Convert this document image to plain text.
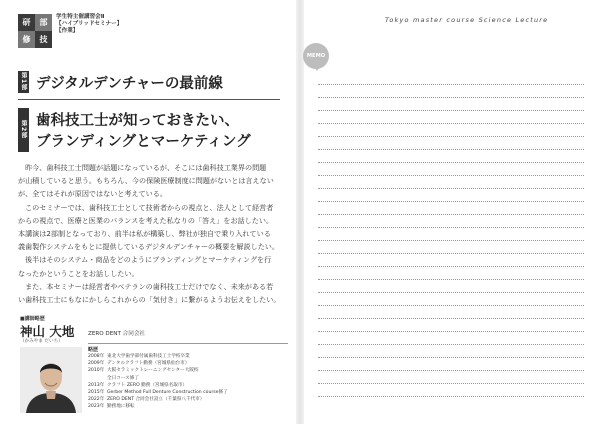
研 部
修 技
学生特主催講習会Ⅱ
【ハイブリッドセミナー】
【作業】
第1部 デジタルデンチャーの最前線
第2部 歯科技工士が知っておきたい、
ブランディングとマーケティング

　昨今、歯科技工士問題が話題になっているが、そこには歯科技工業界の問題

が山積していると思う。もちろん、今の保険医療制度に問題がないとは言えない

が、全てはそれが原因ではないと考えている。

　このセミナーでは、歯科技工士として技術者からの視点と、法人として経営者

からの視点で、医療と医業のバランスを考えた私なりの「答え」をお話したい。

本講演は2部制となっており、前半は私が構築し、弊社が独自で乗り入れている

義歯製作システムをもとに提供しているデジタルデンチャーの概要を解説したい。

　後半はそのシステム・商品をどのようにブランディングとマーケティングを行

なったかということをお話ししたい。

　また、本セミナーは経営者やベテランの歯科技工士だけでなく、未来がある若

い歯科技工士にもなにかしらこれからの「気付き」に繋がるようお伝えをしたい。

■講師略歴
神山 大地
（かみやま だいち）
ZERO DENT 合同会社
略歴
2008年 東北大学歯学部付属歯科技工士学校卒業
2009年 デンタルクラフト勤務（宮城県仙台市）
2010年 大阪セラミックトレーニングセンター大阪校
全日コース修了
2013年 クラフト ZERO 勤務（宮城県名取市）
2015年 Gerber Method Full Denture Construction course修了
2022年 ZERO DENT 合同会社設立（千葉県八千代市）
2023年 勤務地に移転
Tokyo master course Science Lecture
MEMO
